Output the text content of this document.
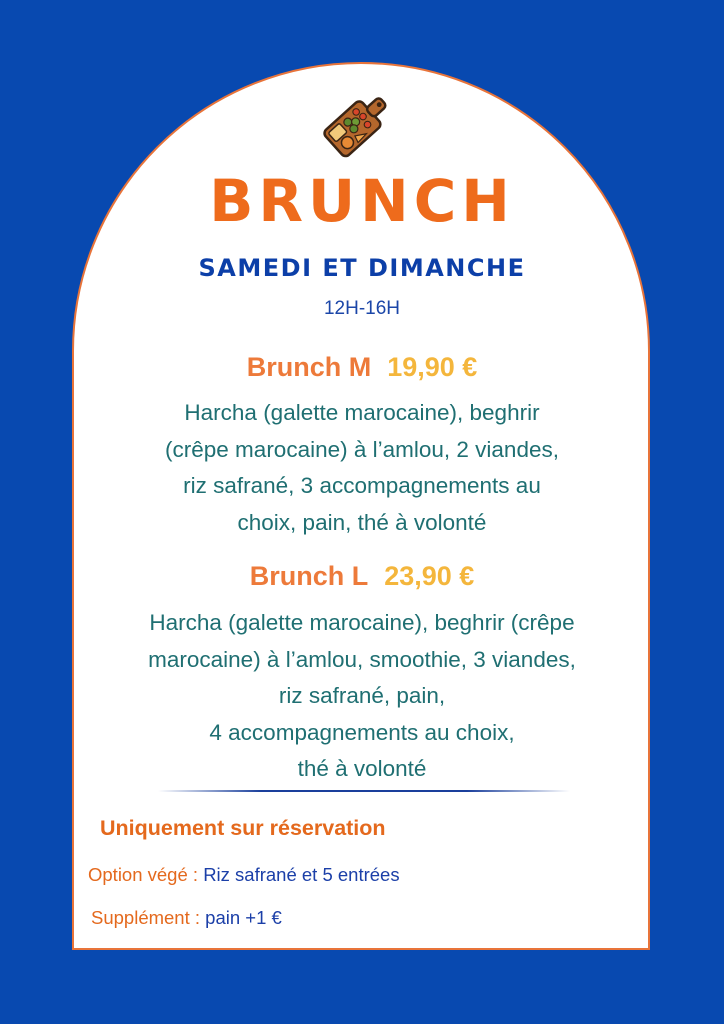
BRUNCH
SAMEDI ET DIMANCHE
12H-16H
Brunch M 19,90 €
Harcha (galette marocaine), beghrir
(crêpe marocaine) à l’amlou, 2 viandes,
riz safrané, 3 accompagnements au
choix, pain, thé à volonté
Brunch L 23,90 €
Harcha (galette marocaine), beghrir (crêpe
marocaine) à l’amlou, smoothie, 3 viandes,
riz safrané, pain,
4 accompagnements au choix,
thé à volonté
Uniquement sur réservation
Option végé : Riz safrané et 5 entrées
Supplément : pain +1 €
